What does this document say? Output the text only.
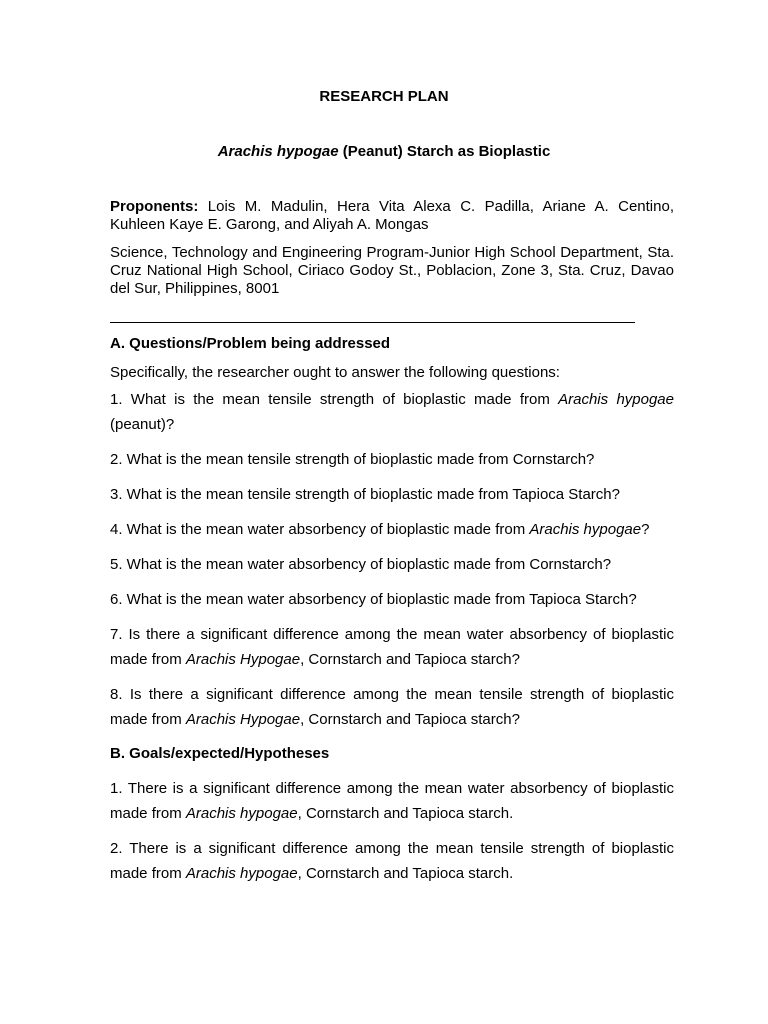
RESEARCH PLAN

Arachis hypogae (Peanut) Starch as Bioplastic

Proponents: Lois M. Madulin, Hera Vita Alexa C. Padilla, Ariane A. Centino, Kuhleen Kaye E. Garong, and Aliyah A. Mongas

Science, Technology and Engineering Program-Junior High School Department, Sta. Cruz National High School, Ciriaco Godoy St., Poblacion, Zone 3, Sta. Cruz, Davao del Sur, Philippines, 8001

A. Questions/Problem being addressed

Specifically, the researcher ought to answer the following questions:

1. What is the mean tensile strength of bioplastic made from Arachis hypogae (peanut)?

2. What is the mean tensile strength of bioplastic made from Cornstarch?

3. What is the mean tensile strength of bioplastic made from Tapioca Starch?

4. What is the mean water absorbency of bioplastic made from Arachis hypogae?

5. What is the mean water absorbency of bioplastic made from Cornstarch?

6. What is the mean water absorbency of bioplastic made from Tapioca Starch?

7. Is there a significant difference among the mean water absorbency of bioplastic made from Arachis Hypogae, Cornstarch and Tapioca starch?

8. Is there a significant difference among the mean tensile strength of bioplastic made from Arachis Hypogae, Cornstarch and Tapioca starch?

B. Goals/expected/Hypotheses

1. There is a significant difference among the mean water absorbency of bioplastic made from Arachis hypogae, Cornstarch and Tapioca starch.

2. There is a significant difference among the mean tensile strength of bioplastic made from Arachis hypogae, Cornstarch and Tapioca starch.
